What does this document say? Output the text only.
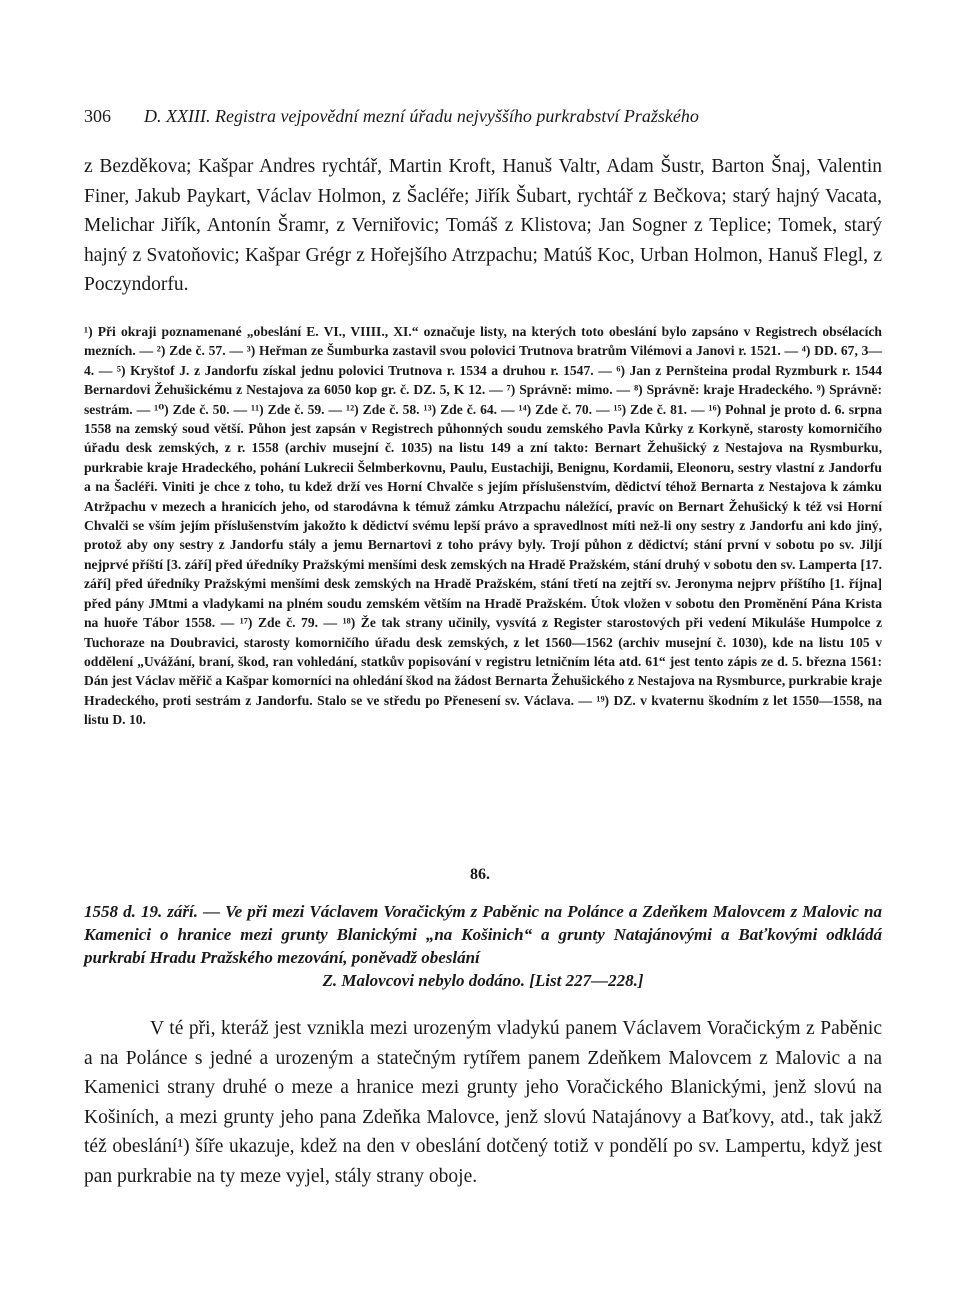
306 D. XXIII. Registra vejpovědní mezní úřadu nejvyššího purkrabství Pražského

z Bezděkova; Kašpar Andres rychtář, Martin Kroft, Hanuš Valtr, Adam Šustr, Barton Šnaj, Valentin Finer, Jakub Paykart, Václav Holmon, z Šacléře; Jiřík Šubart, rychtář z Bečkova; starý hajný Vacata, Melichar Jiřík, Antonín Šramr, z Verniřovic; Tomáš z Klistova; Jan Sogner z Teplice; Tomek, starý hajný z Svatoňovic; Kašpar Grégr z Hořejšího Atrzpachu; Matúš Koc, Urban Holmon, Hanuš Flegl, z Poczyndorfu.

¹) Při okraji poznamenané „obeslání E. VI., VIIII., XI.“ označuje listy, na kterých toto obeslání bylo zapsáno v Registrech obsélacích mezních. — ²) Zde č. 57. — ³) Heřman ze Šumburka zastavil svou polovici Trutnova bratrům Vilémovi a Janovi r. 1521. — ⁴) DD. 67, 3—4. — ⁵) Kryštof J. z Jandorfu získal jednu polovici Trutnova r. 1534 a druhou r. 1547. — ⁶) Jan z Pernšteina prodal Ryzmburk r. 1544 Bernardovi Žehušickému z Nestajova za 6050 kop gr. č. DZ. 5, K 12. — ⁷) Správně: mimo. — ⁸) Správně: kraje Hradeckého. ⁹) Správně: sestrám. — ¹⁰) Zde č. 50. — ¹¹) Zde č. 59. — ¹²) Zde č. 58. ¹³) Zde č. 64. — ¹⁴) Zde č. 70. — ¹⁵) Zde č. 81. — ¹⁶) Pohnal je proto d. 6. srpna 1558 na zemský soud větší. Půhon jest zapsán v Registrech půhonných soudu zemského Pavla Kůrky z Korkyně, starosty komorničího úřadu desk zemských, z r. 1558 (archiv musejní č. 1035) na listu 149 a zní takto: Bernart Žehušický z Nestajova na Rysmburku, purkrabie kraje Hradeckého, pohání Lukrecii Šelmberkovnu, Paulu, Eustachiji, Benignu, Kordamii, Eleonoru, sestry vlastní z Jandorfu a na Šacléři. Viniti je chce z toho, tu kdež drží ves Horní Chvalče s jejím příslušenstvím, dědictví téhož Bernarta z Nestajova k zámku Atržpachu v mezech a hranicích jeho, od starodávna k témuž zámku Atrzpachu náležící, pravíc on Bernart Žehušický k též vsi Horní Chvalči se vším jejím příslušenstvím jakožto k dědictví svému lepší právo a spravedlnost míti než-li ony sestry z Jandorfu ani kdo jiný, protož aby ony sestry z Jandorfu stály a jemu Bernartovi z toho právy byly. Trojí půhon z dědictví; stání první v sobotu po sv. Jiljí nejprvé příští [3. září] před úředníky Pražskými menšími desk zemských na Hradě Pražském, stání druhý v sobotu den sv. Lamperta [17. září] před úředníky Pražskými menšími desk zemských na Hradě Pražském, stání třetí na zejtří sv. Jeronyma nejprv příštího [1. října] před pány JMtmi a vladykami na plném soudu zemském větším na Hradě Pražském. Útok vložen v sobotu den Proměnění Pána Krista na huoře Tábor 1558. — ¹⁷) Zde č. 79. — ¹⁸) Že tak strany učinily, vysvítá z Register starostových při vedení Mikuláše Humpolce z Tuchoraze na Doubravici, starosty komorničího úřadu desk zemských, z let 1560—1562 (archiv musejní č. 1030), kde na listu 105 v oddělení „Uvážání, braní, škod, ran vohledání, statkův popisování v registru letničním léta atd. 61“ jest tento zápis ze d. 5. března 1561: Dán jest Václav měřič a Kašpar komorníci na ohledání škod na žádost Bernarta Žehušického z Nestajova na Rysmburce, purkrabie kraje Hradeckého, proti sestrám z Jandorfu. Stalo se ve středu po Přenesení sv. Václava. — ¹⁹) DZ. v kvaternu škodním z let 1550—1558, na listu D. 10.

86.

1558 d. 19. září. — Ve při mezi Václavem Voračickým z Paběnic na Polánce a Zdeňkem Malovcem z Malovic na Kamenici o hranice mezi grunty Blanickými „na Košinich“ a grunty Natajánovými a Baťkovými odkládá purkrabí Hradu Pražského mezování, poněvadž obeslání
Z. Malovcovi nebylo dodáno. [List 227—228.]

V té při, kteráž jest vznikla mezi urozeným vladykú panem Václavem Voračickým z Paběnic a na Polánce s jedné a urozeným a statečným rytířem panem Zdeňkem Malovcem z Malovic a na Kamenici strany druhé o meze a hranice mezi grunty jeho Voračického Blanickými, jenž slovú na Košiních, a mezi grunty jeho pana Zdeňka Malovce, jenž slovú Natajánovy a Baťkovy, atd., tak jakž též obeslání¹) šíře ukazuje, kdež na den v obeslání dotčený totiž v pondělí po sv. Lampertu, když jest pan purkrabie na ty meze vyjel, stály strany oboje.
